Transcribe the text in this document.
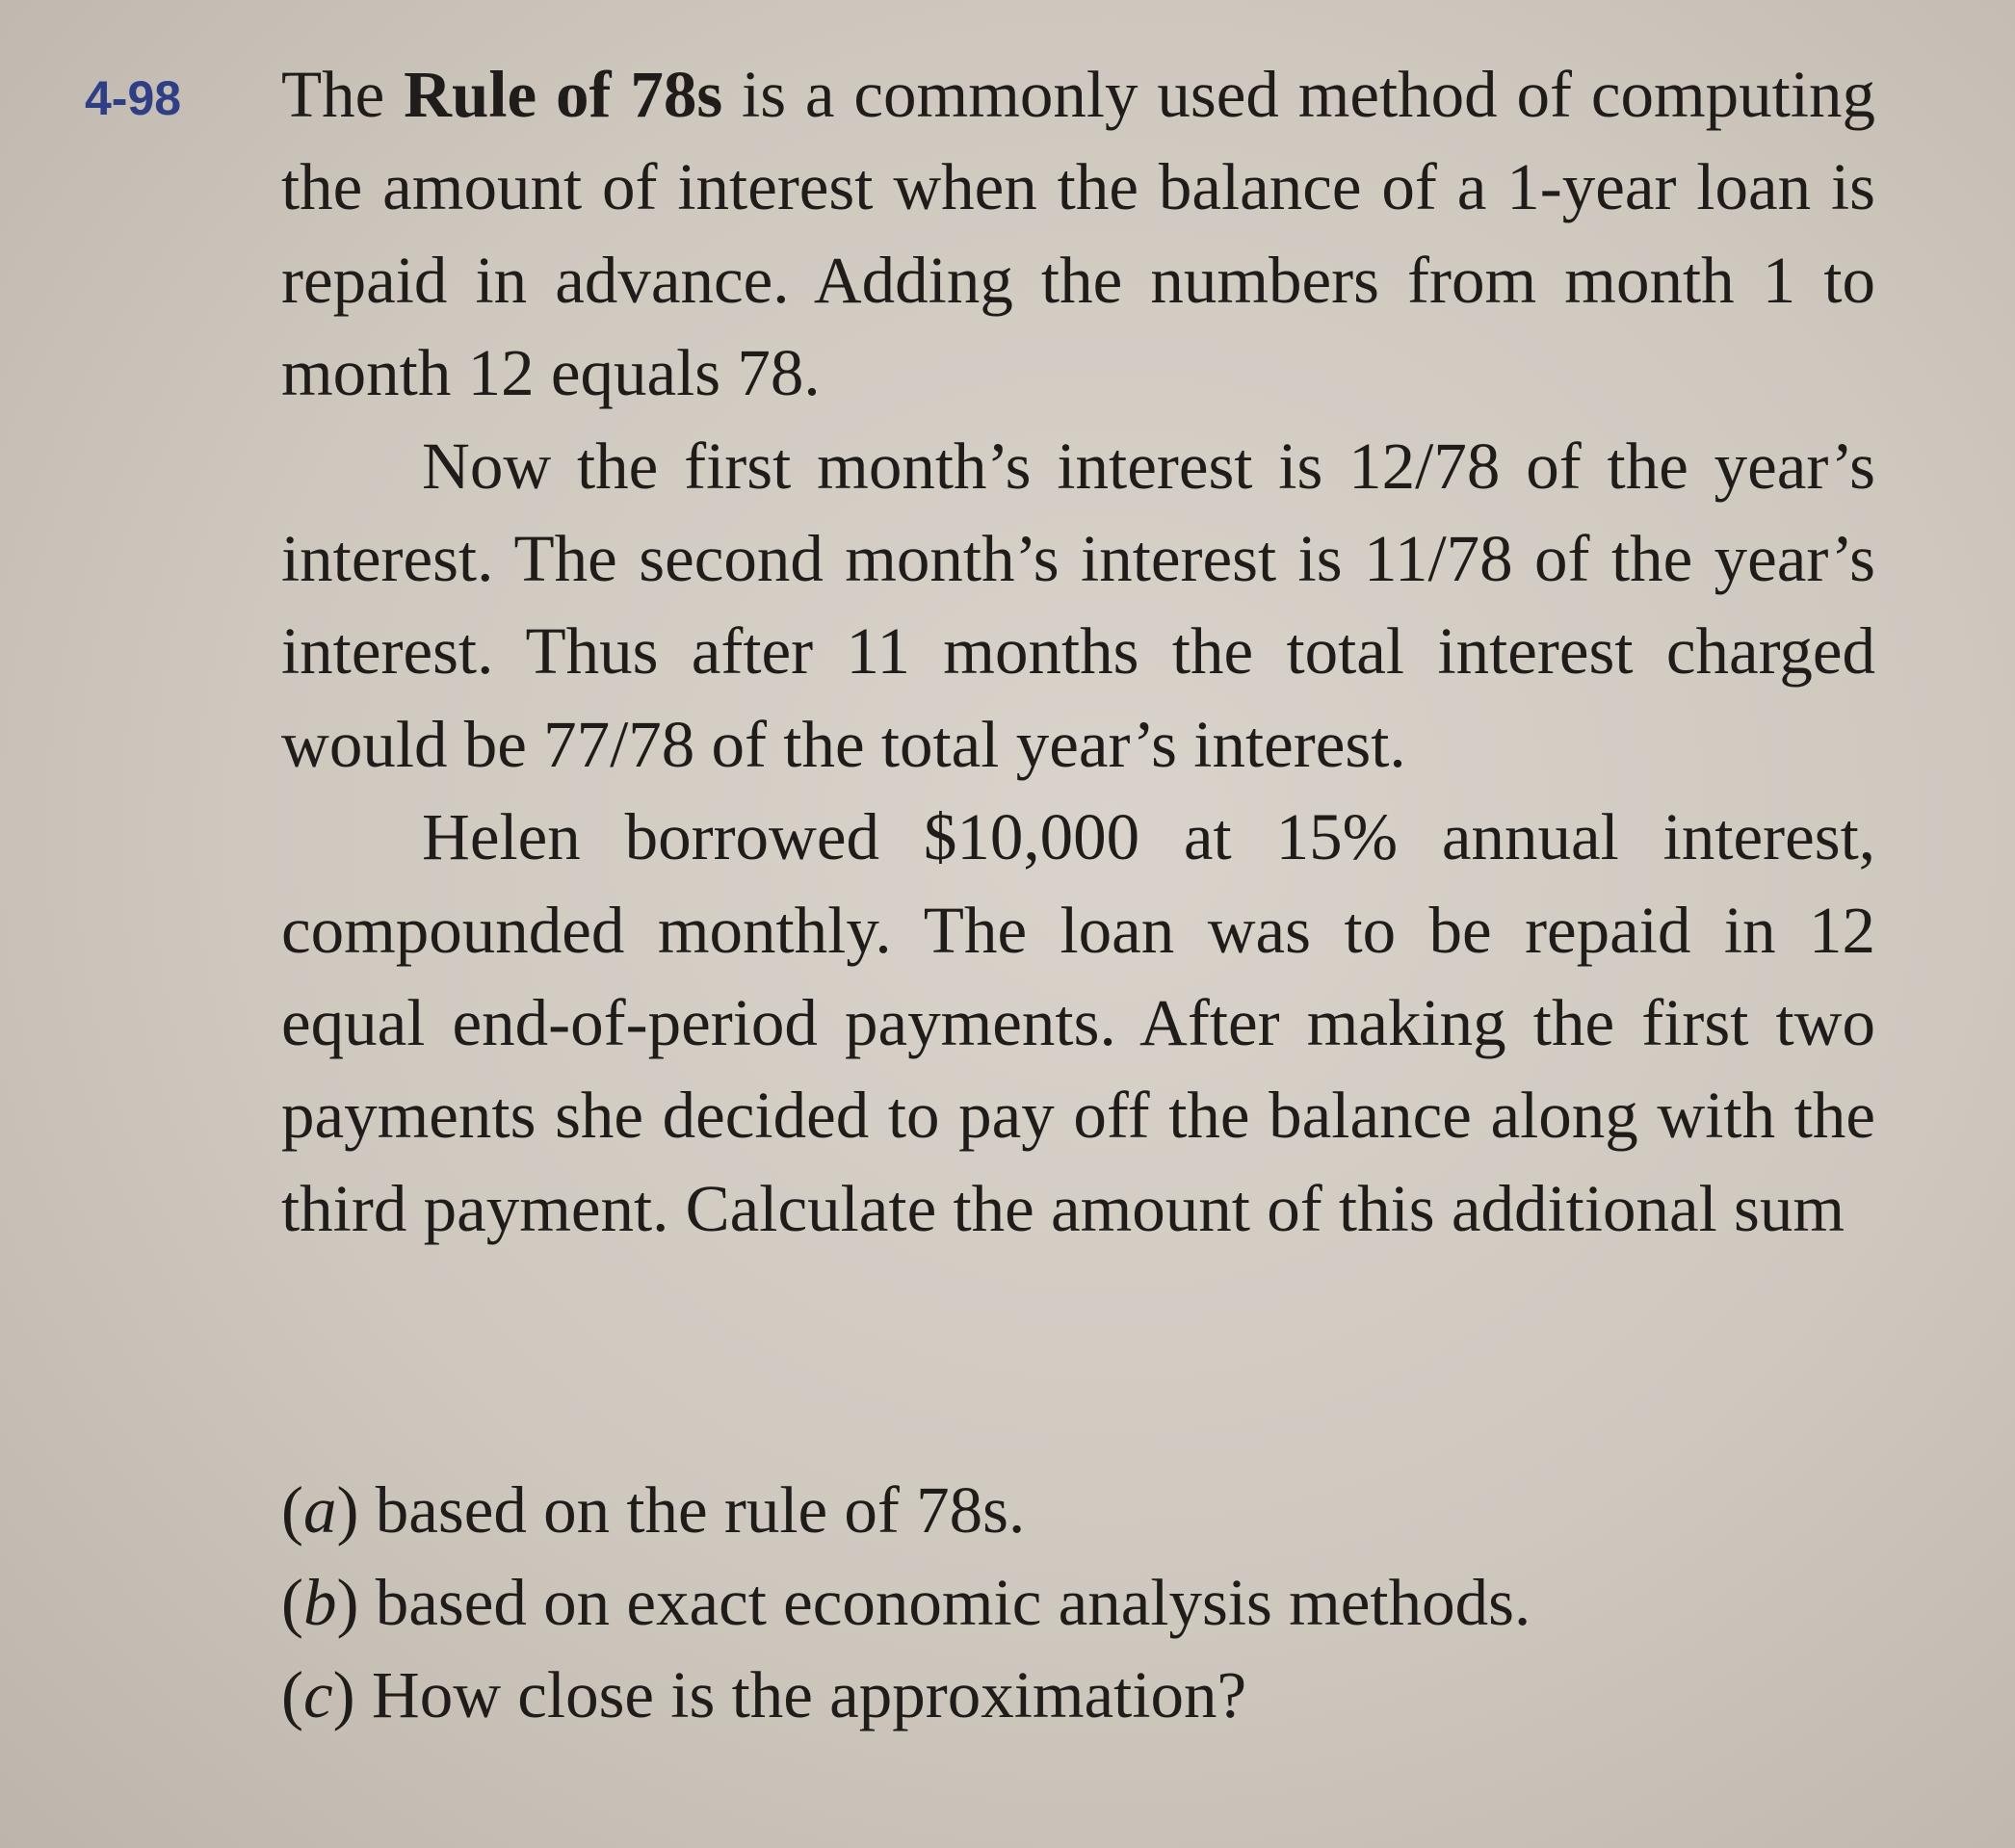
4-98 The Rule of 78s is a commonly used method of computing the amount of interest when the balance of a 1-year loan is repaid in advance. Adding the numbers from month 1 to month 12 equals 78.

Now the first month’s interest is 12/78 of the year’s interest. The second month’s interest is 11/78 of the year’s interest. Thus after 11 months the total interest charged would be 77/78 of the total year’s interest.

Helen borrowed $10,000 at 15% annual interest, compounded monthly. The loan was to be repaid in 12 equal end-of-period payments. After making the first two payments she decided to pay off the balance along with the third payment. Calculate the amount of this additional sum

(a) based on the rule of 78s.
(b) based on exact economic analysis methods.
(c) How close is the approximation?
